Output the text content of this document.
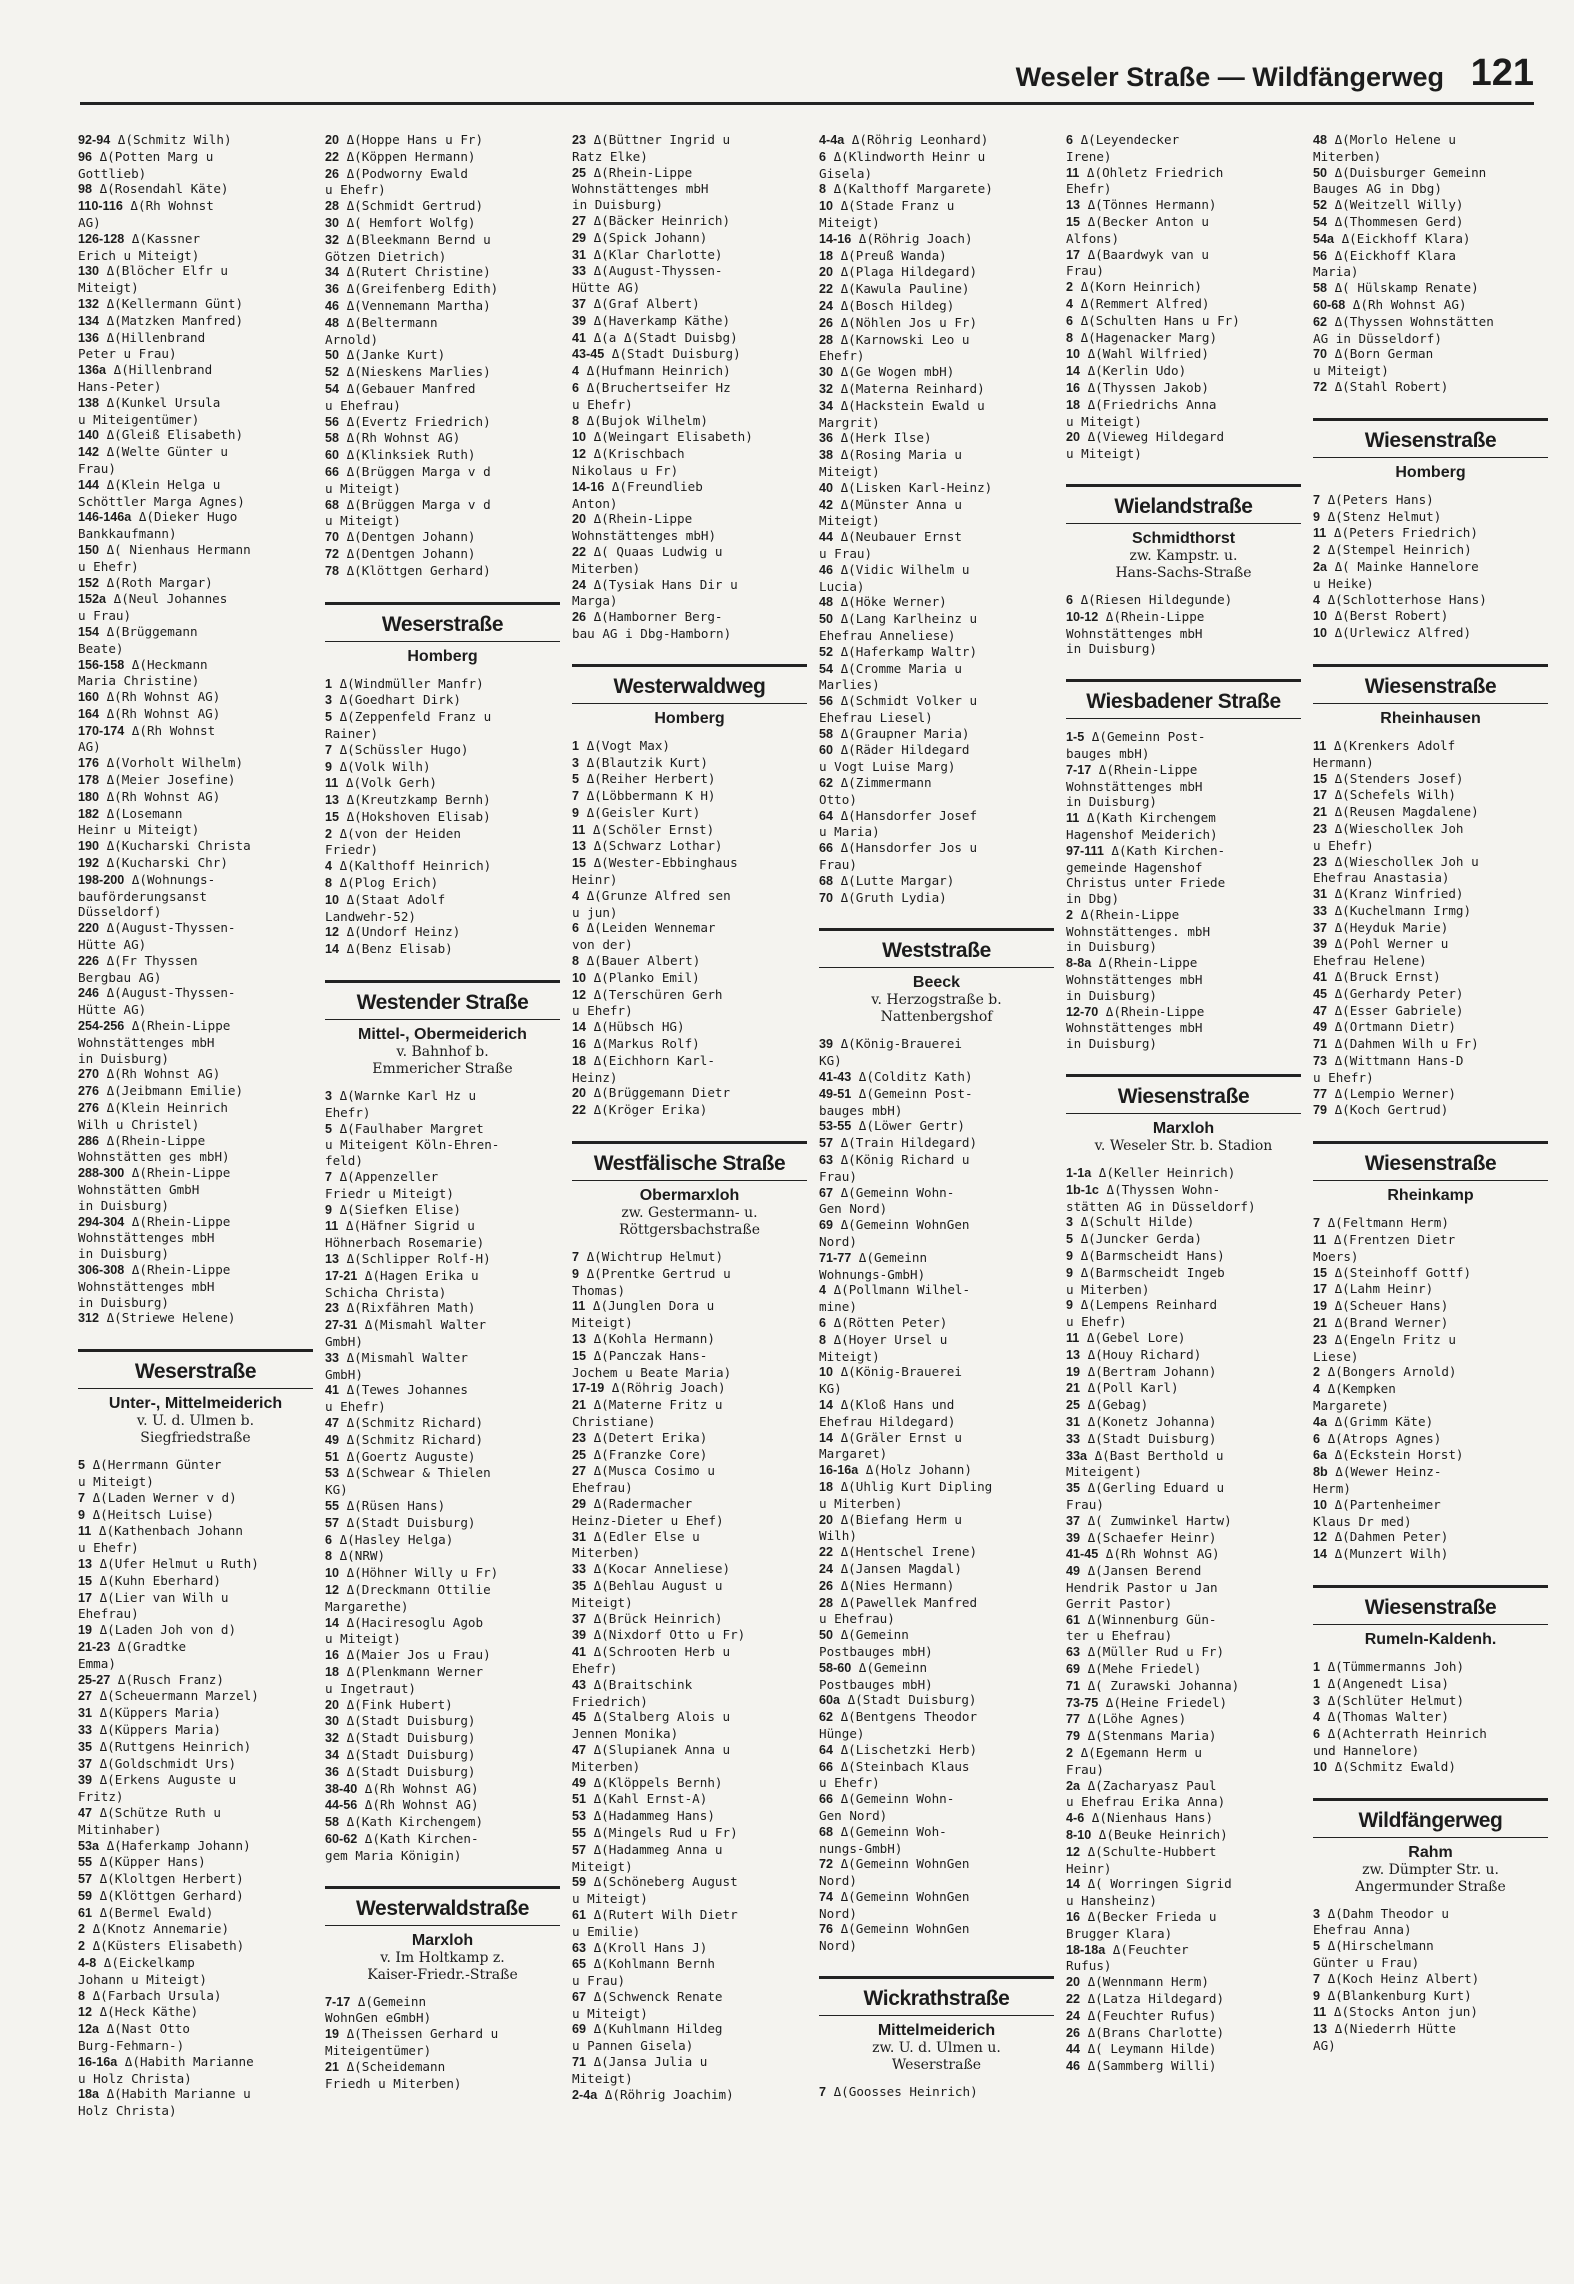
Weseler Straße — Wildfängerweg 121
92-94 Δ(Schmitz Wilh)
96 Δ(Potten Marg u
Gottlieb)
98 Δ(Rosendahl Käte)
110-116 Δ(Rh Wohnst
AG)
126-128 Δ(Kassner
Erich u Miteigt)
130 Δ(Blöcher Elfr u
Miteigt)
132 Δ(Kellermann Günt)
134 Δ(Matzken Manfred)
136 Δ(Hillenbrand
Peter u Frau)
136a Δ(Hillenbrand
Hans-Peter)
138 Δ(Kunkel Ursula
u Miteigentümer)
140 Δ(Gleiß Elisabeth)
142 Δ(Welte Günter u
Frau)
144 Δ(Klein Helga u
Schöttler Marga Agnes)
146-146a Δ(Dieker Hugo
Bankkaufmann)
150 Δ( Nienhaus Hermann
u Ehefr)
152 Δ(Roth Margar)
152a Δ(Neul Johannes
u Frau)
154 Δ(Brüggemann
Beate)
156-158 Δ(Heckmann
Maria Christine)
160 Δ(Rh Wohnst AG)
164 Δ(Rh Wohnst AG)
170-174 Δ(Rh Wohnst
AG)
176 Δ(Vorholt Wilhelm)
178 Δ(Meier Josefine)
180 Δ(Rh Wohnst AG)
182 Δ(Losemann
Heinr u Miteigt)
190 Δ(Kucharski Christa
192 Δ(Kucharski Chr)
198-200 Δ(Wohnungs-
bauförderungsanst
Düsseldorf)
220 Δ(August-Thyssen-
Hütte AG)
226 Δ(Fr Thyssen
Bergbau AG)
246 Δ(August-Thyssen-
Hütte AG)
254-256 Δ(Rhein-Lippe
Wohnstättenges mbH
in Duisburg)
270 Δ(Rh Wohnst AG)
276 Δ(Jeibmann Emilie)
276 Δ(Klein Heinrich
Wilh u Christel)
286 Δ(Rhein-Lippe
Wohnstätten ges mbH)
288-300 Δ(Rhein-Lippe
Wohnstätten GmbH
in Duisburg)
294-304 Δ(Rhein-Lippe
Wohnstättenges mbH
in Duisburg)
306-308 Δ(Rhein-Lippe
Wohnstättenges mbH
in Duisburg)
312 Δ(Striewe Helene)
Weserstraße
Unter-, Mittelmeiderich
v. U. d. Ulmen b.
Siegfriedstraße
5 Δ(Herrmann Günter
u Miteigt)
7 Δ(Laden Werner v d)
9 Δ(Heitsch Luise)
11 Δ(Kathenbach Johann
u Ehefr)
13 Δ(Ufer Helmut u Ruth)
15 Δ(Kuhn Eberhard)
17 Δ(Lier van Wilh u
Ehefrau)
19 Δ(Laden Joh von d)
21-23 Δ(Gradtke
Emma)
25-27 Δ(Rusch Franz)
27 Δ(Scheuermann Marzel)
31 Δ(Küppers Maria)
33 Δ(Küppers Maria)
35 Δ(Ruttgens Heinrich)
37 Δ(Goldschmidt Urs)
39 Δ(Erkens Auguste u
Fritz)
47 Δ(Schütze Ruth u
Mitinhaber)
53a Δ(Haferkamp Johann)
55 Δ(Küpper Hans)
57 Δ(Kloltgen Herbert)
59 Δ(Klöttgen Gerhard)
61 Δ(Bermel Ewald)
2 Δ(Knotz Annemarie)
2 Δ(Küsters Elisabeth)
4-8 Δ(Eickelkamp
Johann u Miteigt)
8 Δ(Farbach Ursula)
12 Δ(Heck Käthe)
12a Δ(Nast Otto
Burg-Fehmarn-)
16-16a Δ(Habith Marianne
u Holz Christa)
18a Δ(Habith Marianne u
Holz Christa)
20 Δ(Hoppe Hans u Fr)
22 Δ(Köppen Hermann)
26 Δ(Podworny Ewald
u Ehefr)
28 Δ(Schmidt Gertrud)
30 Δ( Hemfort Wolfg)
32 Δ(Bleekmann Bernd u
Götzen Dietrich)
34 Δ(Rutert Christine)
36 Δ(Greifenberg Edith)
46 Δ(Vennemann Martha)
48 Δ(Beltermann
Arnold)
50 Δ(Janke Kurt)
52 Δ(Nieskens Marlies)
54 Δ(Gebauer Manfred
u Ehefrau)
56 Δ(Evertz Friedrich)
58 Δ(Rh Wohnst AG)
60 Δ(Klinksiek Ruth)
66 Δ(Brüggen Marga v d
u Miteigt)
68 Δ(Brüggen Marga v d
u Miteigt)
70 Δ(Dentgen Johann)
72 Δ(Dentgen Johann)
78 Δ(Klöttgen Gerhard)
Weserstraße
Homberg
1 Δ(Windmüller Manfr)
3 Δ(Goedhart Dirk)
5 Δ(Zeppenfeld Franz u
Rainer)
7 Δ(Schüssler Hugo)
9 Δ(Volk Wilh)
11 Δ(Volk Gerh)
13 Δ(Kreutzkamp Bernh)
15 Δ(Hokshoven Elisab)
2 Δ(von der Heiden
Friedr)
4 Δ(Kalthoff Heinrich)
8 Δ(Plog Erich)
10 Δ(Staat Adolf
Landwehr-52)
12 Δ(Undorf Heinz)
14 Δ(Benz Elisab)
Westender Straße
Mittel-, Obermeiderich
v. Bahnhof b.
Emmericher Straße
3 Δ(Warnke Karl Hz u
Ehefr)
5 Δ(Faulhaber Margret
u Miteigent Köln-Ehren-
feld)
7 Δ(Appenzeller
Friedr u Miteigt)
9 Δ(Siefken Elise)
11 Δ(Häfner Sigrid u
Höhnerbach Rosemarie)
13 Δ(Schlipper Rolf-H)
17-21 Δ(Hagen Erika u
Schicha Christa)
23 Δ(Rixfähren Math)
27-31 Δ(Mismahl Walter
GmbH)
33 Δ(Mismahl Walter
GmbH)
41 Δ(Tewes Johannes
u Ehefr)
47 Δ(Schmitz Richard)
49 Δ(Schmitz Richard)
51 Δ(Goertz Auguste)
53 Δ(Schwear & Thielen
KG)
55 Δ(Rüsen Hans)
57 Δ(Stadt Duisburg)
6 Δ(Hasley Helga)
8 Δ(NRW)
10 Δ(Höhner Willy u Fr)
12 Δ(Dreckmann Ottilie
Margarethe)
14 Δ(Haciresoglu Agob
u Miteigt)
16 Δ(Maier Jos u Frau)
18 Δ(Plenkmann Werner
u Ingetraut)
20 Δ(Fink Hubert)
30 Δ(Stadt Duisburg)
32 Δ(Stadt Duisburg)
34 Δ(Stadt Duisburg)
36 Δ(Stadt Duisburg)
38-40 Δ(Rh Wohnst AG)
44-56 Δ(Rh Wohnst AG)
58 Δ(Kath Kirchengem)
60-62 Δ(Kath Kirchen-
gem Maria Königin)
Westerwaldstraße
Marxloh
v. Im Holtkamp z.
Kaiser-Friedr.-Straße
7-17 Δ(Gemeinn
WohnGen eGmbH)
19 Δ(Theissen Gerhard u
Miteigentümer)
21 Δ(Scheidemann
Friedh u Miterben)
23 Δ(Büttner Ingrid u
Ratz Elke)
25 Δ(Rhein-Lippe
Wohnstättenges mbH
in Duisburg)
27 Δ(Bäcker Heinrich)
29 Δ(Spick Johann)
31 Δ(Klar Charlotte)
33 Δ(August-Thyssen-
Hütte AG)
37 Δ(Graf Albert)
39 Δ(Haverkamp Käthe)
41 Δ(a Δ(Stadt Duisbg)
43-45 Δ(Stadt Duisburg)
4 Δ(Hufmann Heinrich)
6 Δ(Bruchertseifer Hz
u Ehefr)
8 Δ(Bujok Wilhelm)
10 Δ(Weingart Elisabeth)
12 Δ(Krischbach
Nikolaus u Fr)
14-16 Δ(Freundlieb
Anton)
20 Δ(Rhein-Lippe
Wohnstättenges mbH)
22 Δ( Quaas Ludwig u
Miterben)
24 Δ(Tysiak Hans Dir u
Marga)
26 Δ(Hamborner Berg-
bau AG i Dbg-Hamborn)
Westerwaldweg
Homberg
1 Δ(Vogt Max)
3 Δ(Blautzik Kurt)
5 Δ(Reiher Herbert)
7 Δ(Löbbermann K H)
9 Δ(Geisler Kurt)
11 Δ(Schöler Ernst)
13 Δ(Schwarz Lothar)
15 Δ(Wester-Ebbinghaus
Heinr)
4 Δ(Grunze Alfred sen
u jun)
6 Δ(Leiden Wennemar
von der)
8 Δ(Bauer Albert)
10 Δ(Planko Emil)
12 Δ(Terschüren Gerh
u Ehefr)
14 Δ(Hübsch HG)
16 Δ(Markus Rolf)
18 Δ(Eichhorn Karl-
Heinz)
20 Δ(Brüggemann Dietr
22 Δ(Kröger Erika)
Westfälische Straße
Obermarxloh
zw. Gestermann- u.
Röttgersbachstraße
7 Δ(Wichtrup Helmut)
9 Δ(Prentke Gertrud u
Thomas)
11 Δ(Junglen Dora u
Miteigt)
13 Δ(Kohla Hermann)
15 Δ(Panczak Hans-
Jochem u Beate Maria)
17-19 Δ(Röhrig Joach)
21 Δ(Materne Fritz u
Christiane)
23 Δ(Detert Erika)
25 Δ(Franzke Core)
27 Δ(Musca Cosimo u
Ehefrau)
29 Δ(Radermacher
Heinz-Dieter u Ehef)
31 Δ(Edler Else u
Miterben)
33 Δ(Kocar Anneliese)
35 Δ(Behlau August u
Miteigt)
37 Δ(Brück Heinrich)
39 Δ(Nixdorf Otto u Fr)
41 Δ(Schrooten Herb u
Ehefr)
43 Δ(Braitschink
Friedrich)
45 Δ(Stalberg Alois u
Jennen Monika)
47 Δ(Slupianek Anna u
Miterben)
49 Δ(Klöppels Bernh)
51 Δ(Kahl Ernst-A)
53 Δ(Hadammeg Hans)
55 Δ(Mingels Rud u Fr)
57 Δ(Hadammeg Anna u
Miteigt)
59 Δ(Schöneberg August
u Miteigt)
61 Δ(Rutert Wilh Dietr
u Emilie)
63 Δ(Kroll Hans J)
65 Δ(Kohlmann Bernh
u Frau)
67 Δ(Schwenck Renate
u Miteigt)
69 Δ(Kuhlmann Hildeg
u Pannen Gisela)
71 Δ(Jansa Julia u
Miteigt)
2-4a Δ(Röhrig Joachim)
4-4a Δ(Röhrig Leonhard)
6 Δ(Klindworth Heinr u
Gisela)
8 Δ(Kalthoff Margarete)
10 Δ(Stade Franz u
Miteigt)
14-16 Δ(Röhrig Joach)
18 Δ(Preuß Wanda)
20 Δ(Plaga Hildegard)
22 Δ(Kawula Pauline)
24 Δ(Bosch Hildeg)
26 Δ(Nöhlen Jos u Fr)
28 Δ(Karnowski Leo u
Ehefr)
30 Δ(Ge Wogen mbH)
32 Δ(Materna Reinhard)
34 Δ(Hackstein Ewald u
Margrit)
36 Δ(Herk Ilse)
38 Δ(Rosing Maria u
Miteigt)
40 Δ(Lisken Karl-Heinz)
42 Δ(Münster Anna u
Miteigt)
44 Δ(Neubauer Ernst
u Frau)
46 Δ(Vidic Wilhelm u
Lucia)
48 Δ(Höke Werner)
50 Δ(Lang Karlheinz u
Ehefrau Anneliese)
52 Δ(Haferkamp Waltr)
54 Δ(Cromme Maria u
Marlies)
56 Δ(Schmidt Volker u
Ehefrau Liesel)
58 Δ(Graupner Maria)
60 Δ(Räder Hildegard
u Vogt Luise Marg)
62 Δ(Zimmermann
Otto)
64 Δ(Hansdorfer Josef
u Maria)
66 Δ(Hansdorfer Jos u
Frau)
68 Δ(Lutte Margar)
70 Δ(Gruth Lydia)
Weststraße
Beeck
v. Herzogstraße b.
Nattenbergshof
39 Δ(König-Brauerei
KG)
41-43 Δ(Colditz Kath)
49-51 Δ(Gemeinn Post-
bauges mbH)
53-55 Δ(Löwer Gertr)
57 Δ(Train Hildegard)
63 Δ(König Richard u
Frau)
67 Δ(Gemeinn Wohn-
Gen Nord)
69 Δ(Gemeinn WohnGen
Nord)
71-77 Δ(Gemeinn
Wohnungs-GmbH)
4 Δ(Pollmann Wilhel-
mine)
6 Δ(Rötten Peter)
8 Δ(Hoyer Ursel u
Miteigt)
10 Δ(König-Brauerei
KG)
14 Δ(Kloß Hans und
Ehefrau Hildegard)
14 Δ(Gräler Ernst u
Margaret)
16-16a Δ(Holz Johann)
18 Δ(Uhlig Kurt Dipling
u Miterben)
20 Δ(Biefang Herm u
Wilh)
22 Δ(Hentschel Irene)
24 Δ(Jansen Magdal)
26 Δ(Nies Hermann)
28 Δ(Pawellek Manfred
u Ehefrau)
50 Δ(Gemeinn
Postbauges mbH)
58-60 Δ(Gemeinn
Postbauges mbH)
60a Δ(Stadt Duisburg)
62 Δ(Bentgens Theodor
Hünge)
64 Δ(Lischetzki Herb)
66 Δ(Steinbach Klaus
u Ehefr)
66 Δ(Gemeinn Wohn-
Gen Nord)
68 Δ(Gemeinn Woh-
nungs-GmbH)
72 Δ(Gemeinn WohnGen
Nord)
74 Δ(Gemeinn WohnGen
Nord)
76 Δ(Gemeinn WohnGen
Nord)
Wickrathstraße
Mittelmeiderich
zw. U. d. Ulmen u.
Weserstraße
7 Δ(Goosses Heinrich)
6 Δ(Leyendecker
Irene)
11 Δ(Ohletz Friedrich
Ehefr)
13 Δ(Tönnes Hermann)
15 Δ(Becker Anton u
Alfons)
17 Δ(Baardwyk van u
Frau)
2 Δ(Korn Heinrich)
4 Δ(Remmert Alfred)
6 Δ(Schulten Hans u Fr)
8 Δ(Hagenacker Marg)
10 Δ(Wahl Wilfried)
14 Δ(Kerlin Udo)
16 Δ(Thyssen Jakob)
18 Δ(Friedrichs Anna
u Miteigt)
20 Δ(Vieweg Hildegard
u Miteigt)
Wielandstraße
Schmidthorst
zw. Kampstr. u.
Hans-Sachs-Straße
6 Δ(Riesen Hildegunde)
10-12 Δ(Rhein-Lippe
Wohnstättenges mbH
in Duisburg)
Wiesbadener Straße
1-5 Δ(Gemeinn Post-
bauges mbH)
7-17 Δ(Rhein-Lippe
Wohnstättenges mbH
in Duisburg)
11 Δ(Kath Kirchengem
Hagenshof Meiderich)
97-111 Δ(Kath Kirchen-
gemeinde Hagenshof
Christus unter Friede
in Dbg)
2 Δ(Rhein-Lippe
Wohnstättenges. mbH
in Duisburg)
8-8a Δ(Rhein-Lippe
Wohnstättenges mbH
in Duisburg)
12-70 Δ(Rhein-Lippe
Wohnstättenges mbH
in Duisburg)
Wiesenstraße
Marxloh
v. Weseler Str. b. Stadion
1-1a Δ(Keller Heinrich)
1b-1c Δ(Thyssen Wohn-
stätten AG in Düsseldorf)
3 Δ(Schult Hilde)
5 Δ(Juncker Gerda)
9 Δ(Barmscheidt Hans)
9 Δ(Barmscheidt Ingeb
u Miterben)
9 Δ(Lempens Reinhard
u Ehefr)
11 Δ(Gebel Lore)
13 Δ(Houy Richard)
19 Δ(Bertram Johann)
21 Δ(Poll Karl)
25 Δ(Gebag)
31 Δ(Konetz Johanna)
33 Δ(Stadt Duisburg)
33a Δ(Bast Berthold u
Miteigent)
35 Δ(Gerling Eduard u
Frau)
37 Δ( Zumwinkel Hartw)
39 Δ(Schaefer Heinr)
41-45 Δ(Rh Wohnst AG)
49 Δ(Jansen Berend
Hendrik Pastor u Jan
Gerrit Pastor)
61 Δ(Winnenburg Gün-
ter u Ehefrau)
63 Δ(Müller Rud u Fr)
69 Δ(Mehe Friedel)
71 Δ( Zurawski Johanna)
73-75 Δ(Heine Friedel)
77 Δ(Löhe Agnes)
79 Δ(Stenmans Maria)
2 Δ(Egemann Herm u
Frau)
2a Δ(Zacharyasz Paul
u Ehefrau Erika Anna)
4-6 Δ(Nienhaus Hans)
8-10 Δ(Beuke Heinrich)
12 Δ(Schulte-Hubbert
Heinr)
14 Δ( Worringen Sigrid
u Hansheinz)
16 Δ(Becker Frieda u
Brugger Klara)
18-18a Δ(Feuchter
Rufus)
20 Δ(Wennmann Herm)
22 Δ(Latza Hildegard)
24 Δ(Feuchter Rufus)
26 Δ(Brans Charlotte)
44 Δ( Leymann Hilde)
46 Δ(Sammberg Willi)
48 Δ(Morlo Helene u
Miterben)
50 Δ(Duisburger Gemeinn
Bauges AG in Dbg)
52 Δ(Weitzell Willy)
54 Δ(Thommesen Gerd)
54a Δ(Eickhoff Klara)
56 Δ(Eickhoff Klara
Maria)
58 Δ( Hülskamp Renate)
60-68 Δ(Rh Wohnst AG)
62 Δ(Thyssen Wohnstätten
AG in Düsseldorf)
70 Δ(Born German
u Miteigt)
72 Δ(Stahl Robert)
Wiesenstraße
Homberg
7 Δ(Peters Hans)
9 Δ(Stenz Helmut)
11 Δ(Peters Friedrich)
2 Δ(Stempel Heinrich)
2a Δ( Mainke Hannelore
u Heike)
4 Δ(Schlotterhose Hans)
10 Δ(Berst Robert)
10 Δ(Urlewicz Alfred)
Wiesenstraße
Rheinhausen
11 Δ(Krenkers Adolf
Hermann)
15 Δ(Stenders Josef)
17 Δ(Schefels Wilh)
21 Δ(Reusen Magdalene)
23 Δ(Wiescholleк Joh
u Ehefr)
23 Δ(Wiescholleк Joh u
Ehefrau Anastasia)
31 Δ(Kranz Winfried)
33 Δ(Kuchelmann Irmg)
37 Δ(Heyduk Marie)
39 Δ(Pohl Werner u
Ehefrau Helene)
41 Δ(Bruck Ernst)
45 Δ(Gerhardy Peter)
47 Δ(Esser Gabriele)
49 Δ(Ortmann Dietr)
71 Δ(Dahmen Wilh u Fr)
73 Δ(Wittmann Hans-D
u Ehefr)
77 Δ(Lempio Werner)
79 Δ(Koch Gertrud)
Wiesenstraße
Rheinkamp
7 Δ(Feltmann Herm)
11 Δ(Frentzen Dietr
Moers)
15 Δ(Steinhoff Gottf)
17 Δ(Lahm Heinr)
19 Δ(Scheuer Hans)
21 Δ(Brand Werner)
23 Δ(Engeln Fritz u
Liese)
2 Δ(Bongers Arnold)
4 Δ(Kempken
Margarete)
4a Δ(Grimm Käte)
6 Δ(Atrops Agnes)
6a Δ(Eckstein Horst)
8b Δ(Wewer Heinz-
Herm)
10 Δ(Partenheimer
Klaus Dr med)
12 Δ(Dahmen Peter)
14 Δ(Munzert Wilh)
Wiesenstraße
Rumeln-Kaldenh.
1 Δ(Tümmermanns Joh)
1 Δ(Angenedt Lisa)
3 Δ(Schlüter Helmut)
4 Δ(Thomas Walter)
6 Δ(Achterrath Heinrich
und Hannelore)
10 Δ(Schmitz Ewald)
Wildfängerweg
Rahm
zw. Dümpter Str. u.
Angermunder Straße
3 Δ(Dahm Theodor u
Ehefrau Anna)
5 Δ(Hirschelmann
Günter u Frau)
7 Δ(Koch Heinz Albert)
9 Δ(Blankenburg Kurt)
11 Δ(Stocks Anton jun)
13 Δ(Niederrh Hütte
AG)
